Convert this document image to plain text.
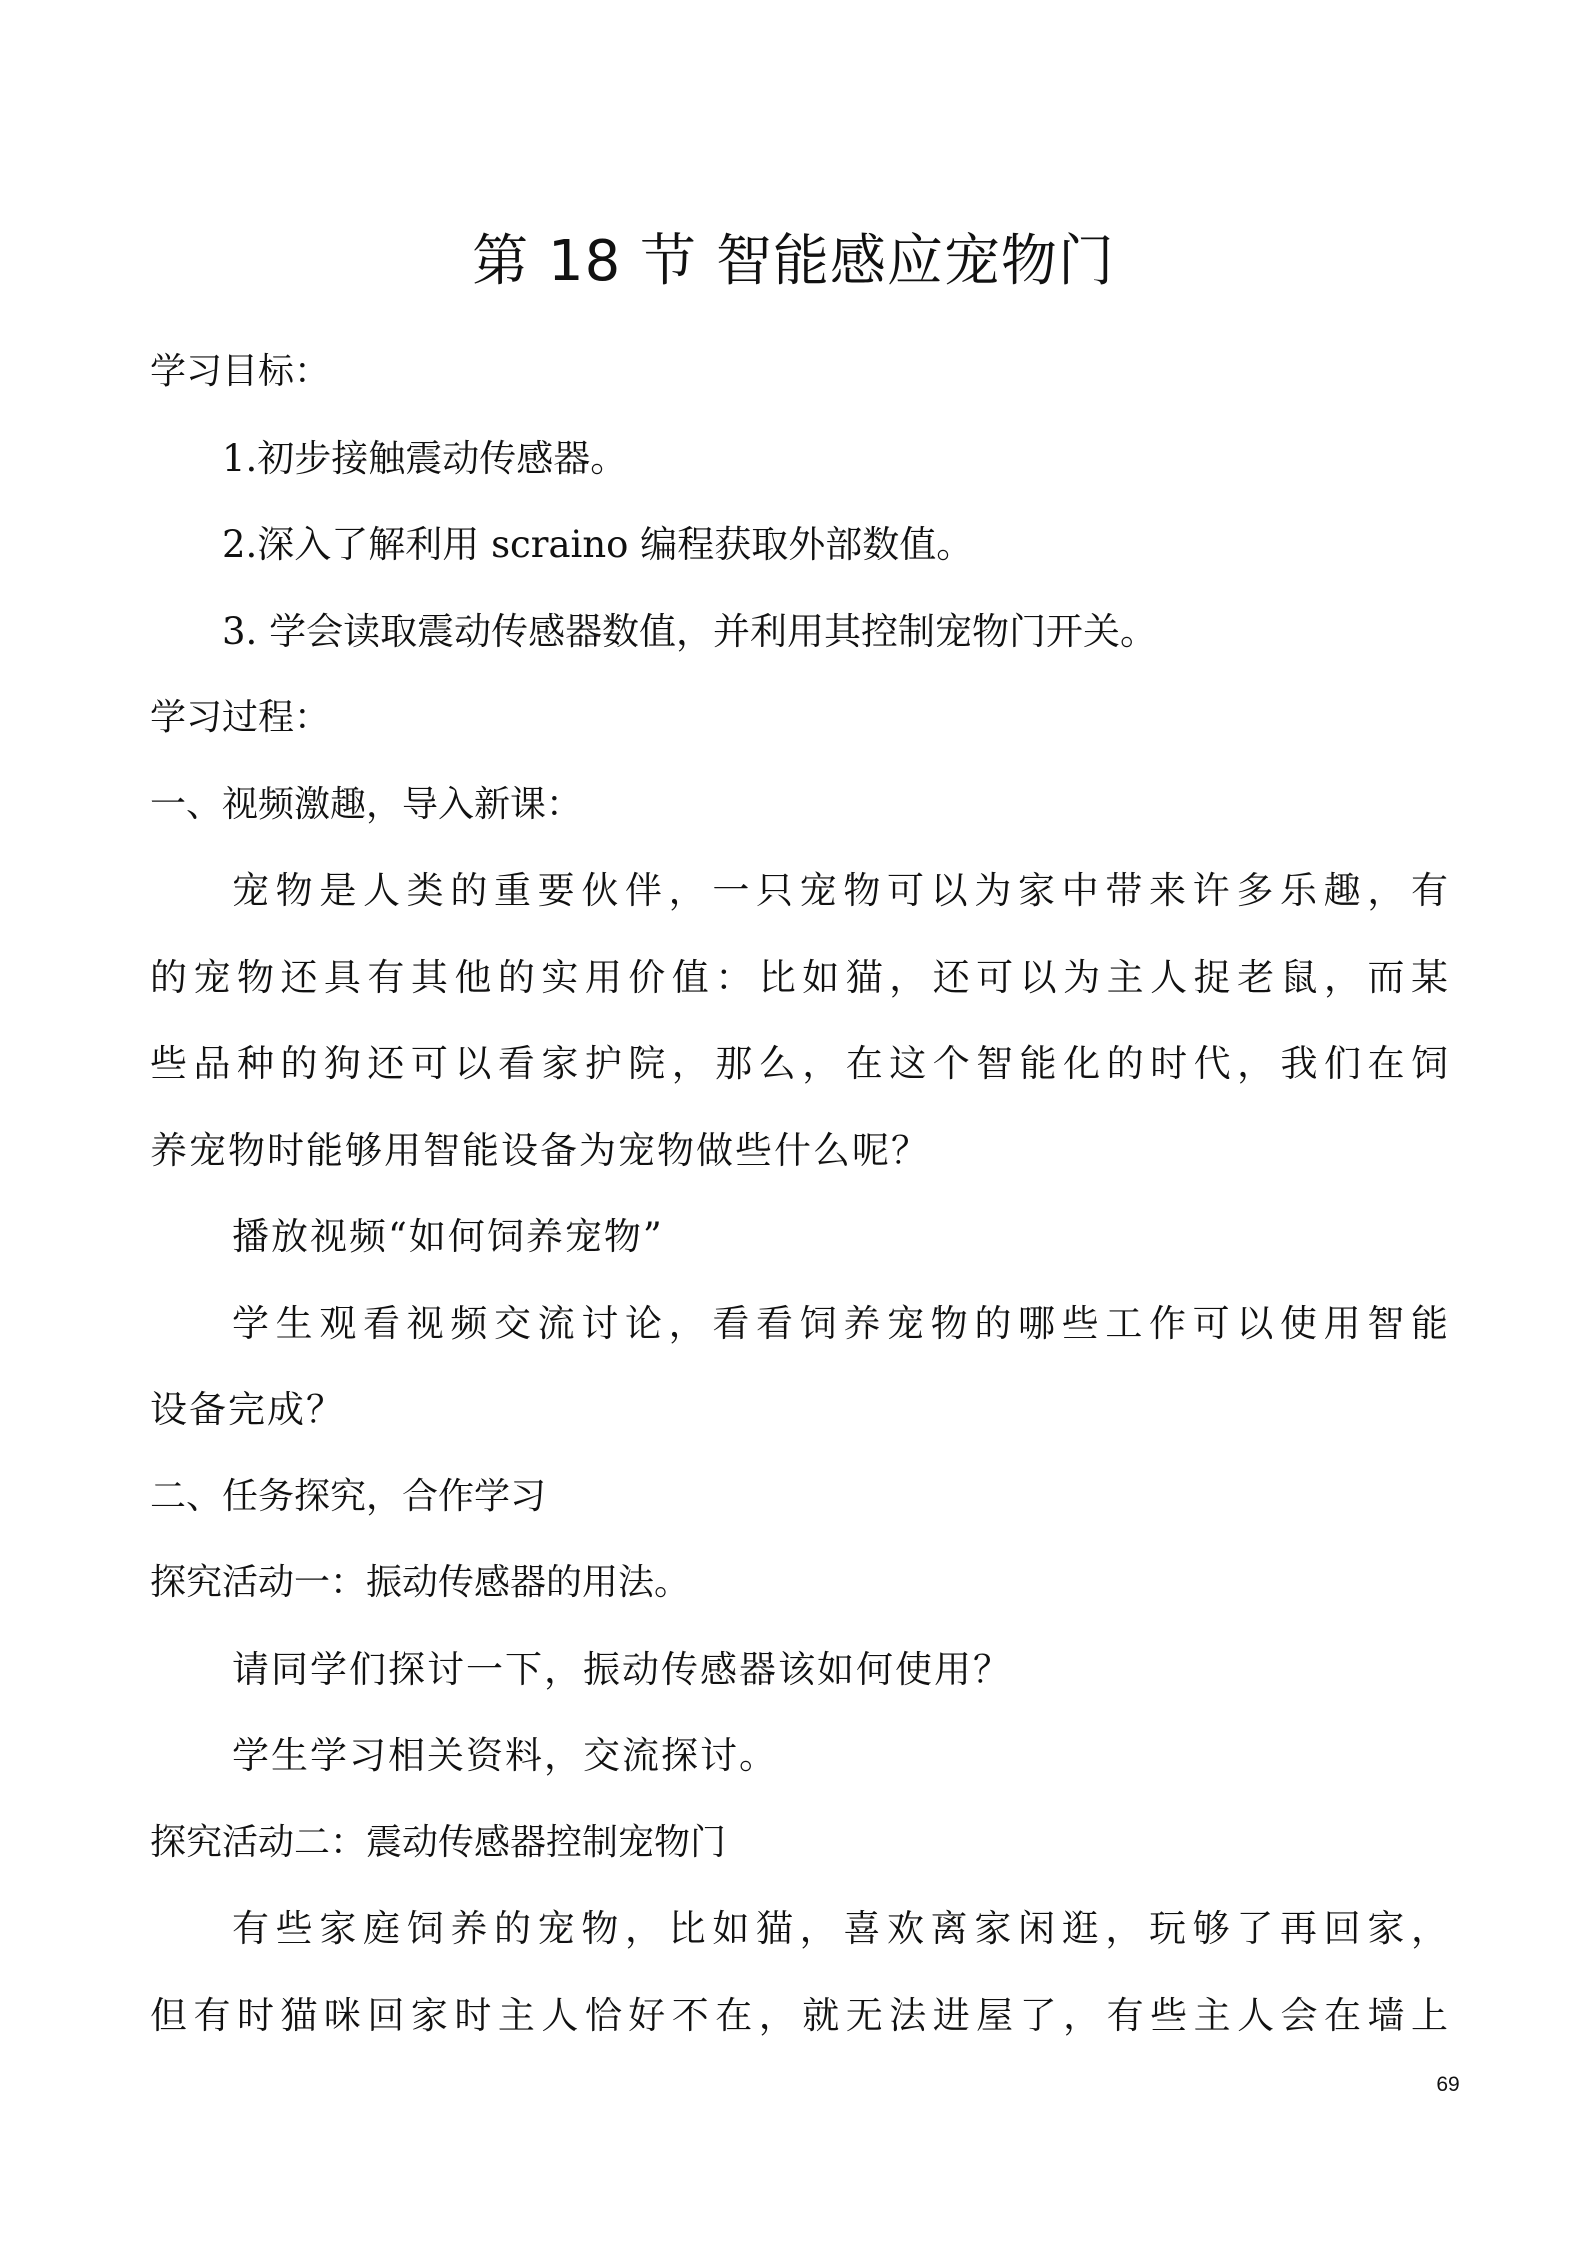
第 18 节 智能感应宠物门

学习目标：

1.初步接触震动传感器。

2.深入了解利用 scraino 编程获取外部数值。

3. 学会读取震动传感器数值，并利用其控制宠物门开关。

学习过程：

一、视频激趣，导入新课：

宠物是人类的重要伙伴，一只宠物可以为家中带来许多乐趣，有

的宠物还具有其他的实用价值：比如猫，还可以为主人捉老鼠，而某

些品种的狗还可以看家护院，那么，在这个智能化的时代，我们在饲

养宠物时能够用智能设备为宠物做些什么呢？

播放视频“如何饲养宠物”

学生观看视频交流讨论，看看饲养宠物的哪些工作可以使用智能

设备完成？

二、任务探究，合作学习

探究活动一：振动传感器的用法。

请同学们探讨一下，振动传感器该如何使用？

学生学习相关资料，交流探讨。

探究活动二：震动传感器控制宠物门

有些家庭饲养的宠物，比如猫，喜欢离家闲逛，玩够了再回家，

但有时猫咪回家时主人恰好不在，就无法进屋了，有些主人会在墙上

69
